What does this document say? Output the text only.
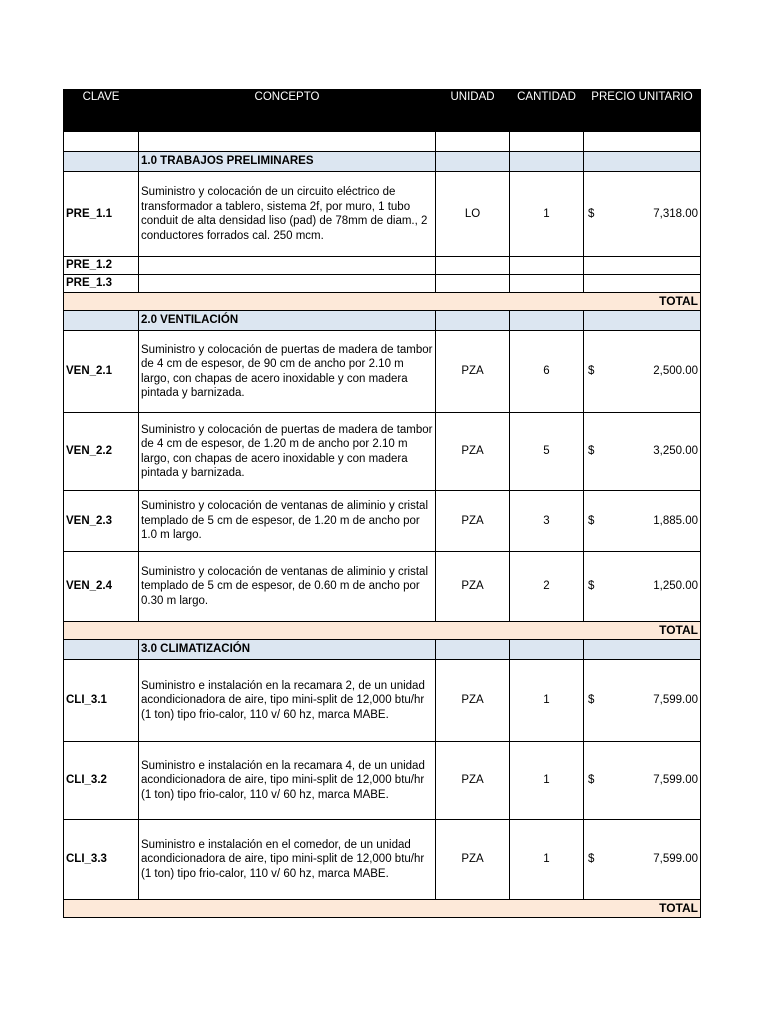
CLAVE	CONCEPTO	UNIDAD	CANTIDAD	PRECIO UNITARIO

	1.0 TRABAJOS PRELIMINARES			
PRE_1.1	Suministro y colocación de un circuito eléctrico de transformador a tablero, sistema 2f, por muro, 1 tubo conduit de alta densidad liso (pad) de 78mm de diam., 2 conductores forrados cal. 250 mcm.	LO	1	$ 7,318.00

PRE_1.2				
PRE_1.3				
TOTAL				
	2.0 VENTILACIÓN			
VEN_2.1	Suministro y colocación de puertas de madera de tambor de 4 cm de espesor, de 90 cm de ancho por 2.10 m largo, con chapas de acero inoxidable y con madera pintada y barnizada.	PZA	6	$ 2,500.00

VEN_2.2	Suministro y colocación de puertas de madera de tambor de 4 cm de espesor, de 1.20 m de ancho por 2.10 m largo, con chapas de acero inoxidable y con madera pintada y barnizada.	PZA	5	$ 3,250.00

VEN_2.3	Suministro y colocación de ventanas de aliminio y cristal templado de 5 cm de espesor, de 1.20 m de ancho por 1.0 m largo.	PZA	3	$ 1,885.00

VEN_2.4	Suministro y colocación de ventanas de aliminio y cristal templado de 5 cm de espesor, de 0.60 m de ancho por 0.30 m largo.	PZA	2	$ 1,250.00

TOTAL				
	3.0 CLIMATIZACIÓN			
CLI_3.1	Suministro e instalación en la recamara 2, de un unidad acondicionadora de aire, tipo mini-split de 12,000 btu/hr (1 ton) tipo frio-calor, 110 v/ 60 hz, marca MABE.	PZA	1	$ 7,599.00

CLI_3.2	Suministro e instalación en la recamara 4, de un unidad acondicionadora de aire, tipo mini-split de 12,000 btu/hr (1 ton) tipo frio-calor, 110 v/ 60 hz, marca MABE.	PZA	1	$ 7,599.00

CLI_3.3	Suministro e instalación en el comedor, de un unidad acondicionadora de aire, tipo mini-split de 12,000 btu/hr (1 ton) tipo frio-calor, 110 v/ 60 hz, marca MABE.	PZA	1	$ 7,599.00

TOTAL				
